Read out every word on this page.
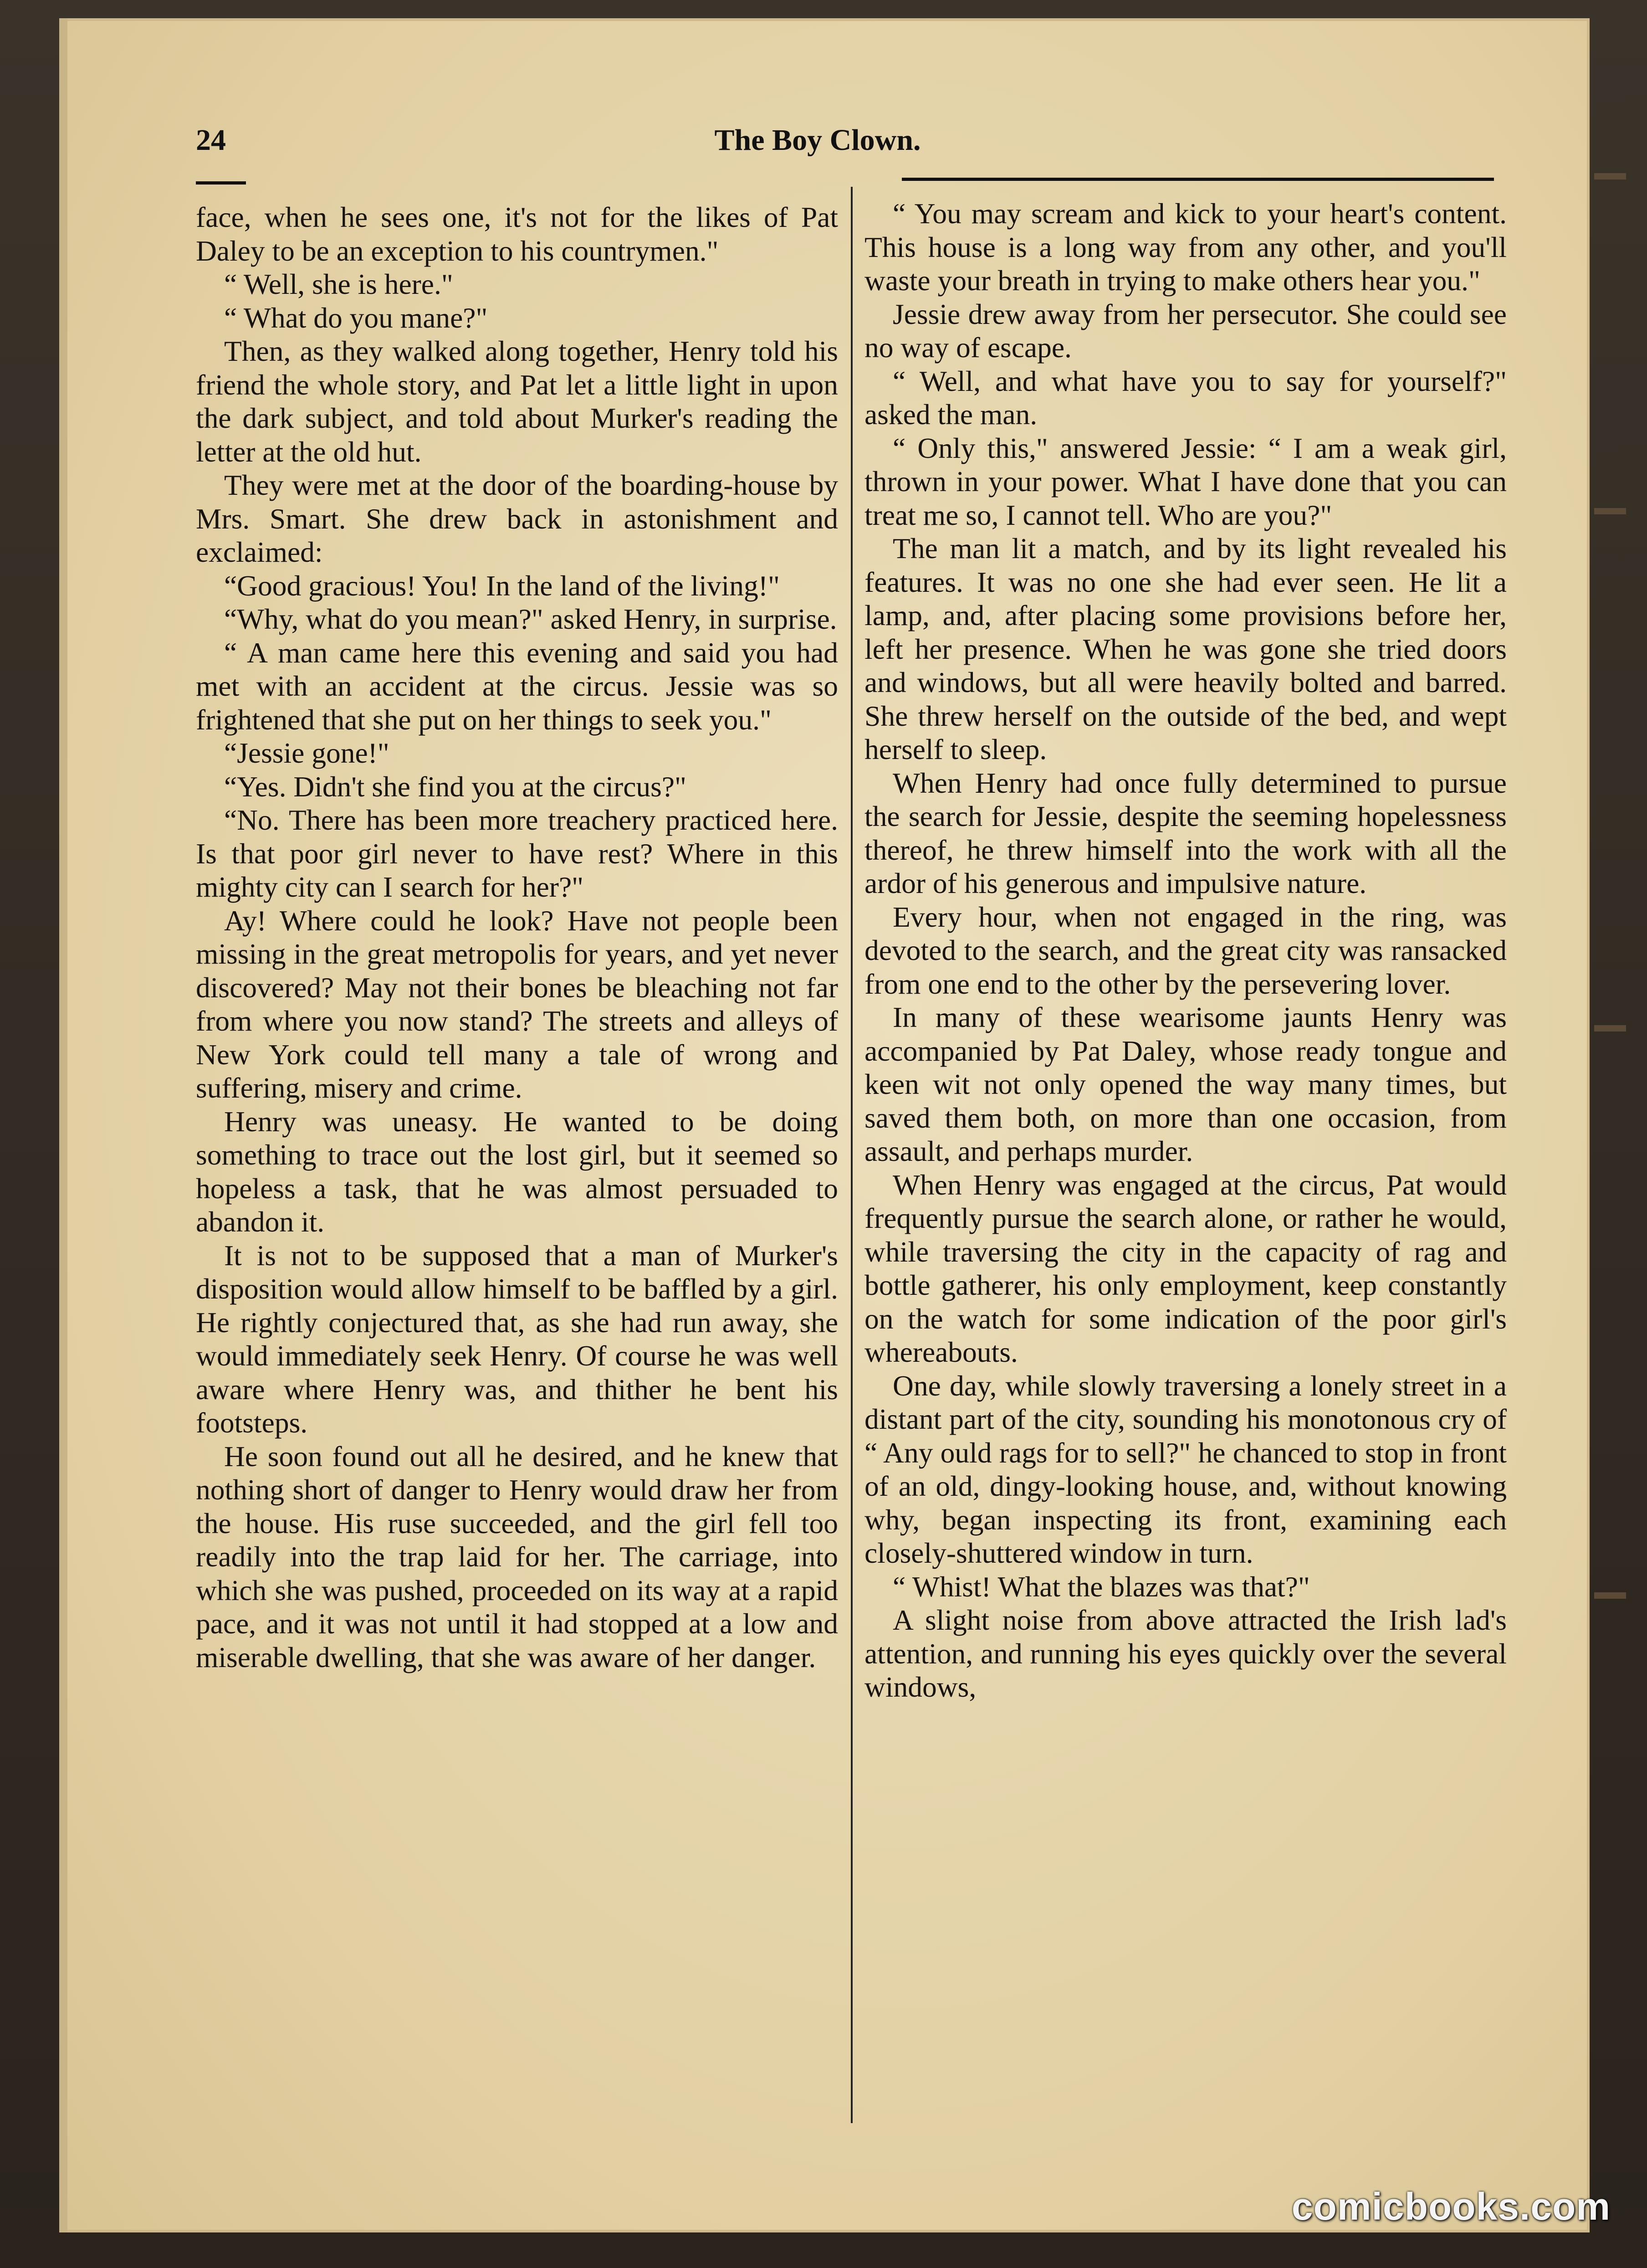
24	The Boy Clown.

face, when he sees one, it's not for the likes of Pat Daley to be an exception to his countrymen."

“ Well, she is here."

“ What do you mane?"

Then, as they walked along together, Henry told his friend the whole story, and Pat let a little light in upon the dark subject, and told about Murker's reading the letter at the old hut.

They were met at the door of the boarding-house by Mrs. Smart. She drew back in astonishment and exclaimed:

“Good gracious! You! In the land of the living!"

“Why, what do you mean?" asked Henry, in surprise.

“ A man came here this evening and said you had met with an accident at the circus. Jessie was so frightened that she put on her things to seek you."

“Jessie gone!"

“Yes. Didn't she find you at the circus?"

“No. There has been more treachery practiced here. Is that poor girl never to have rest? Where in this mighty city can I search for her?"

Ay! Where could he look? Have not people been missing in the great metropolis for years, and yet never discovered? May not their bones be bleaching not far from where you now stand? The streets and alleys of New York could tell many a tale of wrong and suffering, misery and crime.

Henry was uneasy. He wanted to be doing something to trace out the lost girl, but it seemed so hopeless a task, that he was almost persuaded to abandon it.

It is not to be supposed that a man of Murker's disposition would allow himself to be baffled by a girl. He rightly conjectured that, as she had run away, she would immediately seek Henry. Of course he was well aware where Henry was, and thither he bent his footsteps.

He soon found out all he desired, and he knew that nothing short of danger to Henry would draw her from the house. His ruse succeeded, and the girl fell too readily into the trap laid for her. The carriage, into which she was pushed, proceeded on its way at a rapid pace, and it was not until it had stopped at a low and miserable dwelling, that she was aware of her danger.

“ You may scream and kick to your heart's content. This house is a long way from any other, and you'll waste your breath in trying to make others hear you."

Jessie drew away from her persecutor. She could see no way of escape.

“ Well, and what have you to say for yourself?" asked the man.

“ Only this," answered Jessie: “ I am a weak girl, thrown in your power. What I have done that you can treat me so, I cannot tell. Who are you?"

The man lit a match, and by its light revealed his features. It was no one she had ever seen. He lit a lamp, and, after placing some provisions before her, left her presence. When he was gone she tried doors and windows, but all were heavily bolted and barred. She threw herself on the outside of the bed, and wept herself to sleep.

When Henry had once fully determined to pursue the search for Jessie, despite the seeming hopelessness thereof, he threw himself into the work with all the ardor of his generous and impulsive nature.

Every hour, when not engaged in the ring, was devoted to the search, and the great city was ransacked from one end to the other by the persevering lover.

In many of these wearisome jaunts Henry was accompanied by Pat Daley, whose ready tongue and keen wit not only opened the way many times, but saved them both, on more than one occasion, from assault, and perhaps murder.

When Henry was engaged at the circus, Pat would frequently pursue the search alone, or rather he would, while traversing the city in the capacity of rag and bottle gatherer, his only employment, keep constantly on the watch for some indication of the poor girl's whereabouts.

One day, while slowly traversing a lonely street in a distant part of the city, sounding his monotonous cry of “ Any ould rags for to sell?" he chanced to stop in front of an old, dingy-looking house, and, without knowing why, began inspecting its front, examining each closely-shuttered window in turn.

“ Whist! What the blazes was that?"

A slight noise from above attracted the Irish lad's attention, and running his eyes quickly over the several windows,

comicbooks.com
